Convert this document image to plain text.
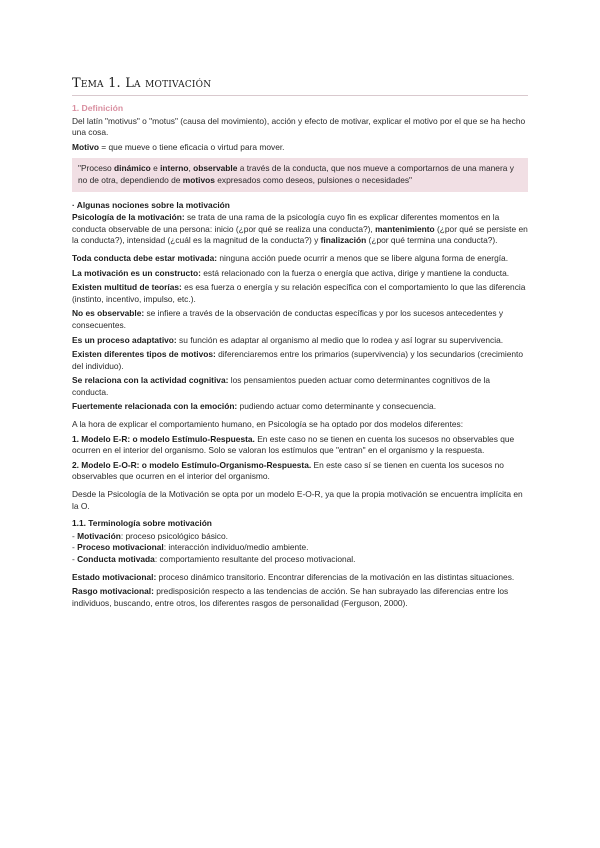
Tema 1. La motivación
1. Definición
Del latín "motivus" o "motus" (causa del movimiento), acción y efecto de motivar, explicar el motivo por el que se ha hecho una cosa.
Motivo = que mueve o tiene eficacia o virtud para mover.
"Proceso dinámico e interno, observable a través de la conducta, que nos mueve a comportarnos de una manera y no de otra, dependiendo de motivos expresados como deseos, pulsiones o necesidades"
· Algunas nociones sobre la motivación
Psicología de la motivación: se trata de una rama de la psicología cuyo fin es explicar diferentes momentos en la conducta observable de una persona: inicio (¿por qué se realiza una conducta?), mantenimiento (¿por qué se persiste en la conducta?), intensidad (¿cuál es la magnitud de la conducta?) y finalización (¿por qué termina una conducta?).
Toda conducta debe estar motivada: ninguna acción puede ocurrir a menos que se libere alguna forma de energía.
La motivación es un constructo: está relacionado con la fuerza o energía que activa, dirige y mantiene la conducta.
Existen multitud de teorías: es esa fuerza o energía y su relación específica con el comportamiento lo que las diferencia (instinto, incentivo, impulso, etc.).
No es observable: se infiere a través de la observación de conductas específicas y por los sucesos antecedentes y consecuentes.
Es un proceso adaptativo: su función es adaptar al organismo al medio que lo rodea y así lograr su supervivencia.
Existen diferentes tipos de motivos: diferenciaremos entre los primarios (supervivencia) y los secundarios (crecimiento del individuo).
Se relaciona con la actividad cognitiva: los pensamientos pueden actuar como determinantes cognitivos de la conducta.
Fuertemente relacionada con la emoción: pudiendo actuar como determinante y consecuencia.
A la hora de explicar el comportamiento humano, en Psicología se ha optado por dos modelos diferentes:
1. Modelo E-R: o modelo Estímulo-Respuesta. En este caso no se tienen en cuenta los sucesos no observables que ocurren en el interior del organismo. Solo se valoran los estímulos que "entran" en el organismo y la respuesta.
2. Modelo E-O-R: o modelo Estímulo-Organismo-Respuesta. En este caso sí se tienen en cuenta los sucesos no observables que ocurren en el interior del organismo.
Desde la Psicología de la Motivación se opta por un modelo E-O-R, ya que la propia motivación se encuentra implícita en la O.
1.1. Terminología sobre motivación
- Motivación: proceso psicológico básico.
- Proceso motivacional: interacción individuo/medio ambiente.
- Conducta motivada: comportamiento resultante del proceso motivacional.
Estado motivacional: proceso dinámico transitorio. Encontrar diferencias de la motivación en las distintas situaciones.
Rasgo motivacional: predisposición respecto a las tendencias de acción. Se han subrayado las diferencias entre los individuos, buscando, entre otros, los diferentes rasgos de personalidad (Ferguson, 2000).
